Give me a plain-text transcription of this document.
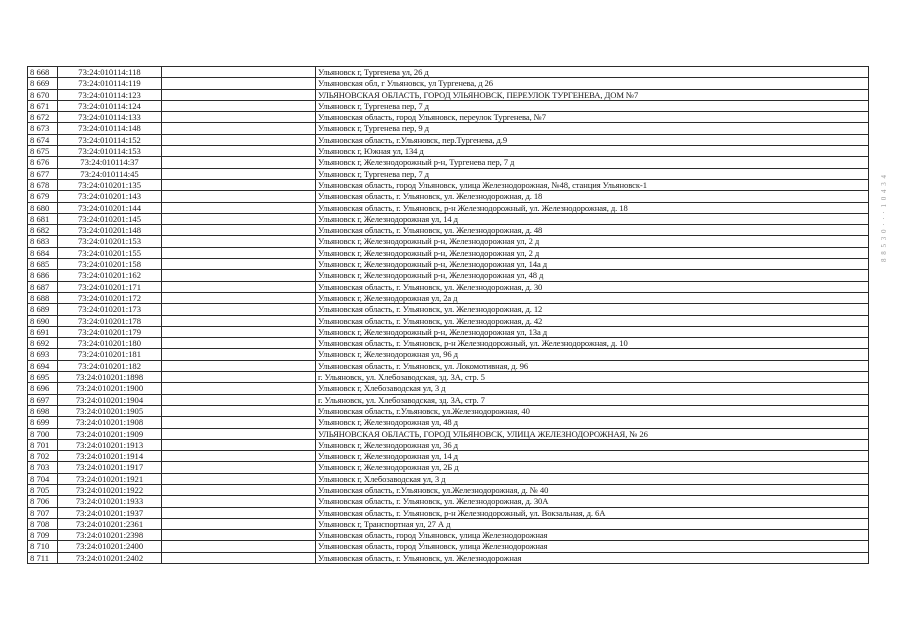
8 668	73:24:010114:118		Ульяновск г, Тургенева ул, 26 д
8 669	73:24:010114:119		Ульяновская обл, г Ульяновск, ул Тургенева, д 26
8 670	73:24:010114:123		УЛЬЯНОВСКАЯ ОБЛАСТЬ, ГОРОД УЛЬЯНОВСК, ПЕРЕУЛОК ТУРГЕНЕВА, ДОМ №7
8 671	73:24:010114:124		Ульяновск г, Тургенева пер, 7 д
8 672	73:24:010114:133		Ульяновская область, город Ульяновск, переулок Тургенева, №7
8 673	73:24:010114:148		Ульяновск г, Тургенева пер, 9 д
8 674	73:24:010114:152		Ульяновская область, г.Ульяновск, пер.Тургенева, д.9
8 675	73:24:010114:153		Ульяновск г, Южная ул, 134 д
8 676	73:24:010114:37		Ульяновск г, Железнодорожный р-н, Тургенева пер, 7 д
8 677	73:24:010114:45		Ульяновск г, Тургенева пер, 7 д
8 678	73:24:010201:135		Ульяновская область, город Ульяновск, улица Железнодорожная, №48, станция Ульяновск-1
8 679	73:24:010201:143		Ульяновская область, г. Ульяновск, ул. Железнодорожная, д. 18
8 680	73:24:010201:144		Ульяновская область, г. Ульяновск, р-н Железнодорожный, ул. Железнодорожная, д. 18
8 681	73:24:010201:145		Ульяновск г, Железнодорожная ул, 14 д
8 682	73:24:010201:148		Ульяновская область, г. Ульяновск, ул. Железнодорожная, д. 48
8 683	73:24:010201:153		Ульяновск г, Железнодорожный р-н, Железнодорожная ул, 2 д
8 684	73:24:010201:155		Ульяновск г, Железнодорожный р-н, Железнодорожная ул, 2 д
8 685	73:24:010201:158		Ульяновск г, Железнодорожный р-н, Железнодорожная ул, 14а д
8 686	73:24:010201:162		Ульяновск г, Железнодорожный р-н, Железнодорожная ул, 48 д
8 687	73:24:010201:171		Ульяновская область, г. Ульяновск, ул. Железнодорожная, д. 30
8 688	73:24:010201:172		Ульяновск г, Железнодорожная ул, 2а д
8 689	73:24:010201:173		Ульяновская область, г. Ульяновск, ул. Железнодорожная, д. 12
8 690	73:24:010201:178		Ульяновская область, г. Ульяновск, ул. Железнодорожная, д. 42
8 691	73:24:010201:179		Ульяновск г, Железнодорожный р-н, Железнодорожная ул, 13а д
8 692	73:24:010201:180		Ульяновская область, г. Ульяновск, р-н Железнодорожный, ул. Железнодорожная, д. 10
8 693	73:24:010201:181		Ульяновск г, Железнодорожная ул, 96 д
8 694	73:24:010201:182		Ульяновская область, г. Ульяновск, ул. Локомотивная, д. 96
8 695	73:24:010201:1898		г. Ульяновск, ул. Хлебозаводская, зд. 3А, стр. 5
8 696	73:24:010201:1900		Ульяновск г, Хлебозаводская ул, 3 д
8 697	73:24:010201:1904		г. Ульяновск, ул. Хлебозаводская, зд. 3А, стр. 7
8 698	73:24:010201:1905		Ульяновская область, г.Ульяновск, ул.Железнодорожная, 40
8 699	73:24:010201:1908		Ульяновск г, Железнодорожная ул, 48 д
8 700	73:24:010201:1909		УЛЬЯНОВСКАЯ ОБЛАСТЬ, ГОРОД УЛЬЯНОВСК, УЛИЦА ЖЕЛЕЗНОДОРОЖНАЯ, № 26
8 701	73:24:010201:1913		Ульяновск г, Железнодорожная ул, 36 д
8 702	73:24:010201:1914		Ульяновск г, Железнодорожная ул, 14 д
8 703	73:24:010201:1917		Ульяновск г, Железнодорожная ул, 2Б д
8 704	73:24:010201:1921		Ульяновск г, Хлебозаводская ул, 3 д
8 705	73:24:010201:1922		Ульяновская область, г.Ульяновск, ул.Железнодорожная, д. № 40
8 706	73:24:010201:1933		Ульяновская область, г. Ульяновск, ул. Железнодорожная, д. 30А
8 707	73:24:010201:1937		Ульяновская область, г. Ульяновск, р-н Железнодорожный, ул. Вокзальная, д. 6А
8 708	73:24:010201:2361		Ульяновск г, Транспортная ул, 27 А д
8 709	73:24:010201:2398		Ульяновская область, город Ульяновск, улица Железнодорожная
8 710	73:24:010201:2400		Ульяновская область, город Ульяновск, улица Железнодорожная
8 711	73:24:010201:2402		Ульяновская область, г. Ульяновск, ул. Железнодорожная
8 8 5 3 0 · · · 1 0 4 3 4
